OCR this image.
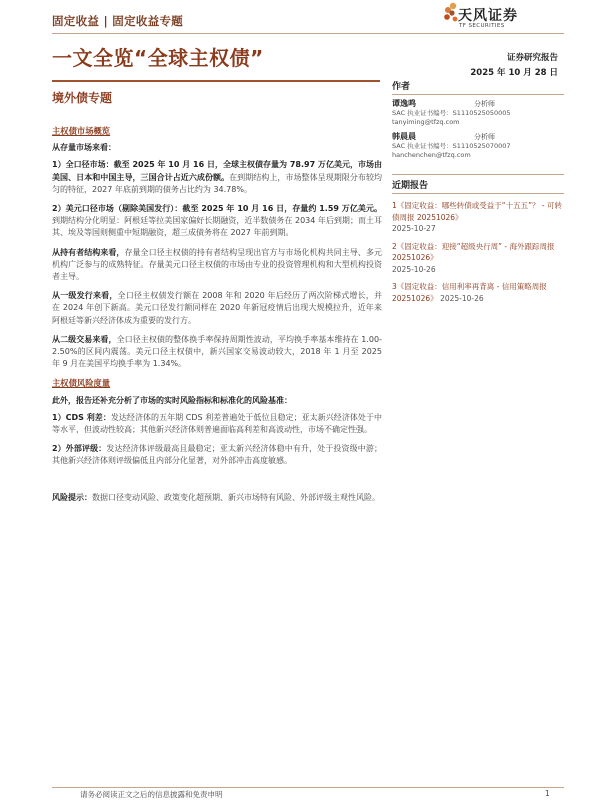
固定收益 | 固定收益专题	天风证券
TF SECURITIES
一文全览“全球主权债”	证券研究报告
2025 年 10 月 28 日
境外债专题
主权债市场概览
从存量市场来看：
1）全口径市场：截至 2025 年 10 月 16 日，全球主权债存量为 78.97 万亿美元，市场由美国、日本和中国主导，三国合计占近六成份额。在到期结构上，市场整体呈现期限分布较均匀的特征，2027 年底前到期的债务占比约为 34.78%。
2）美元口径市场（剔除美国发行）：截至 2025 年 10 月 16 日，存量约 1.59 万亿美元。到期结构分化明显：阿根廷等拉美国家偏好长期融资，近半数债务在 2034 年后到期；而土耳其、埃及等国则侧重中短期融资，超三成债务将在 2027 年前到期。
从持有者结构来看，存量全口径主权债的持有者结构呈现出官方与市场化机构共同主导、多元机构广泛参与的成熟特征。存量美元口径主权债的市场由专业的投资管理机构和大型机构投资者主导。
从一级发行来看，全口径主权债发行额在 2008 年和 2020 年后经历了两次阶梯式增长，并在 2024 年创下新高。美元口径发行额同样在 2020 年新冠疫情后出现大规模拉升，近年来阿根廷等新兴经济体成为重要的发行方。
从二级交易来看，全口径主权债的整体换手率保持周期性波动，平均换手率基本维持在 1.00-2.50%的区间内震荡。美元口径主权债中，新兴国家交易波动较大，2018 年 1 月至 2025 年 9 月在美国平均换手率为 1.34%。
主权债风险度量
此外，报告还补充分析了市场的实时风险指标和标准化的风险基准：
1）CDS 利差：发达经济体的五年期 CDS 利差普遍处于低位且稳定；亚太新兴经济体处于中等水平，但波动性较高；其他新兴经济体则普遍面临高利差和高波动性，市场不确定性强。
2）外部评级：发达经济体评级最高且最稳定；亚太新兴经济体稳中有升，处于投资级中游；其他新兴经济体则评级偏低且内部分化显著，对外部冲击高度敏感。
风险提示：数据口径变动风险、政策变化超预期、新兴市场特有风险、外部评级主观性风险。
作者
谭逸鸣	分析师
SAC 执业证书编号：S1110525050005
tanyiming@tfzq.com
韩晨晨	分析师
SAC 执业证书编号：S1110525070007
hanchenchen@tfzq.com
近期报告
1《固定收益：哪些转债或受益于“十五五”？ - 可转债周报 20251026》
2025-10-27
2《固定收益：迎接“超级央行周” - 海外跟踪周报 20251026》
2025-10-26
3《固定收益：信用利率再背离 - 信用策略周报 20251026》 2025-10-26
请务必阅读正文之后的信息披露和免责申明	1
